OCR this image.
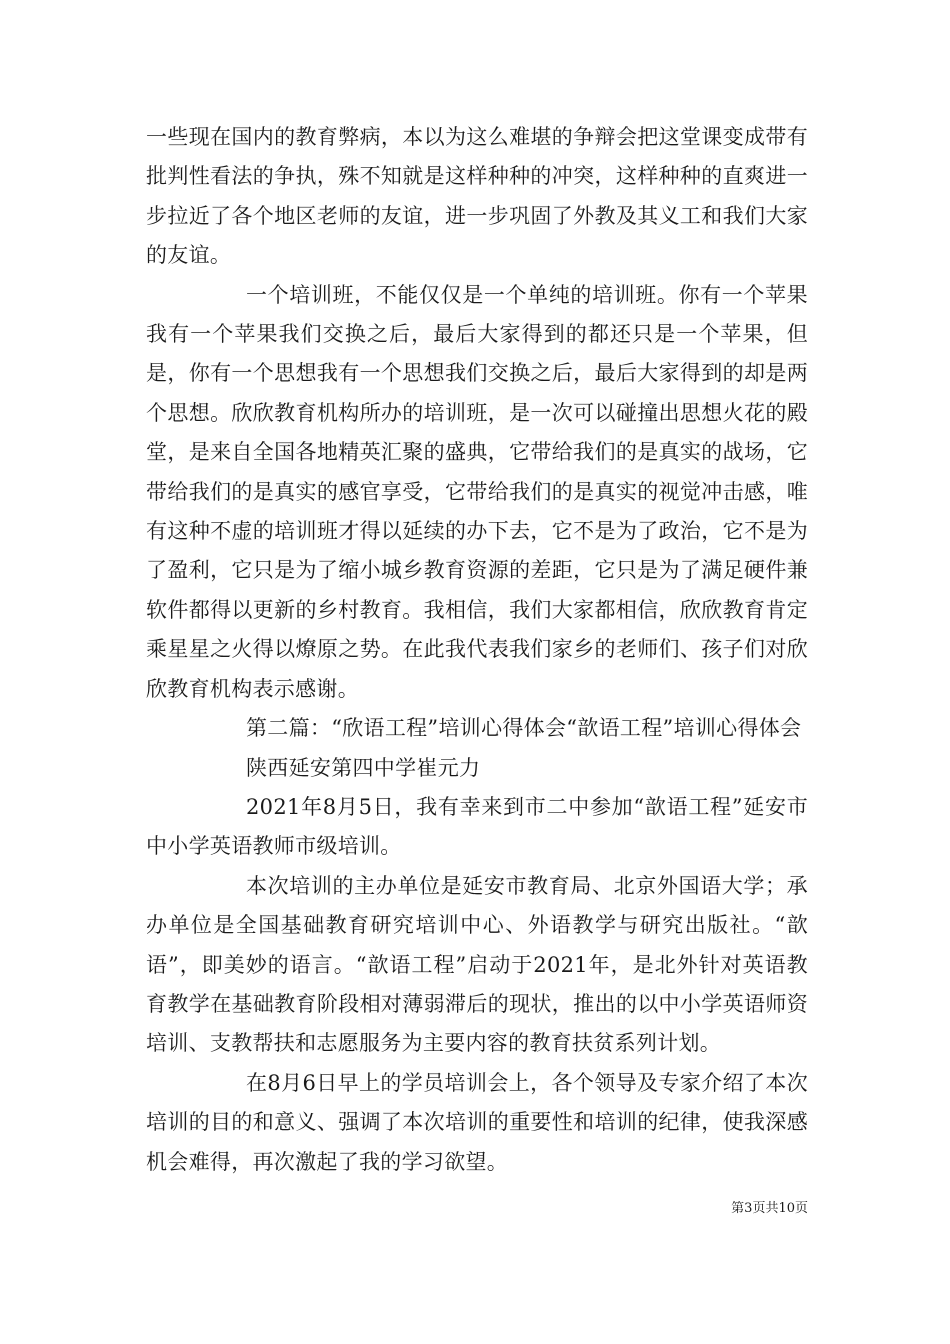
一些现在国内的教育弊病，本以为这么难堪的争辩会把这堂课变成带有批判性看法的争执，殊不知就是这样种种的冲突，这样种种的直爽进一步拉近了各个地区老师的友谊，进一步巩固了外教及其义工和我们大家的友谊。

一个培训班，不能仅仅是一个单纯的培训班。你有一个苹果我有一个苹果我们交换之后，最后大家得到的都还只是一个苹果，但是，你有一个思想我有一个思想我们交换之后，最后大家得到的却是两个思想。欣欣教育机构所办的培训班，是一次可以碰撞出思想火花的殿堂，是来自全国各地精英汇聚的盛典，它带给我们的是真实的战场，它带给我们的是真实的感官享受，它带给我们的是真实的视觉冲击感，唯有这种不虚的培训班才得以延续的办下去，它不是为了政治，它不是为了盈利，它只是为了缩小城乡教育资源的差距，它只是为了满足硬件兼软件都得以更新的乡村教育。我相信，我们大家都相信，欣欣教育肯定乘星星之火得以燎原之势。在此我代表我们家乡的老师们、孩子们对欣欣教育机构表示感谢。

第二篇：“欣语工程”培训心得体会“歆语工程”培训心得体会

陕西延安第四中学崔元力

2021年8月5日，我有幸来到市二中参加“歆语工程”延安市中小学英语教师市级培训。

本次培训的主办单位是延安市教育局、北京外国语大学；承办单位是全国基础教育研究培训中心、外语教学与研究出版社。“歆语”，即美妙的语言。“歆语工程”启动于2021年，是北外针对英语教育教学在基础教育阶段相对薄弱滞后的现状，推出的以中小学英语师资培训、支教帮扶和志愿服务为主要内容的教育扶贫系列计划。

在8月6日早上的学员培训会上，各个领导及专家介绍了本次培训的目的和意义、强调了本次培训的重要性和培训的纪律，使我深感机会难得，再次激起了我的学习欲望。

第3页共10页
